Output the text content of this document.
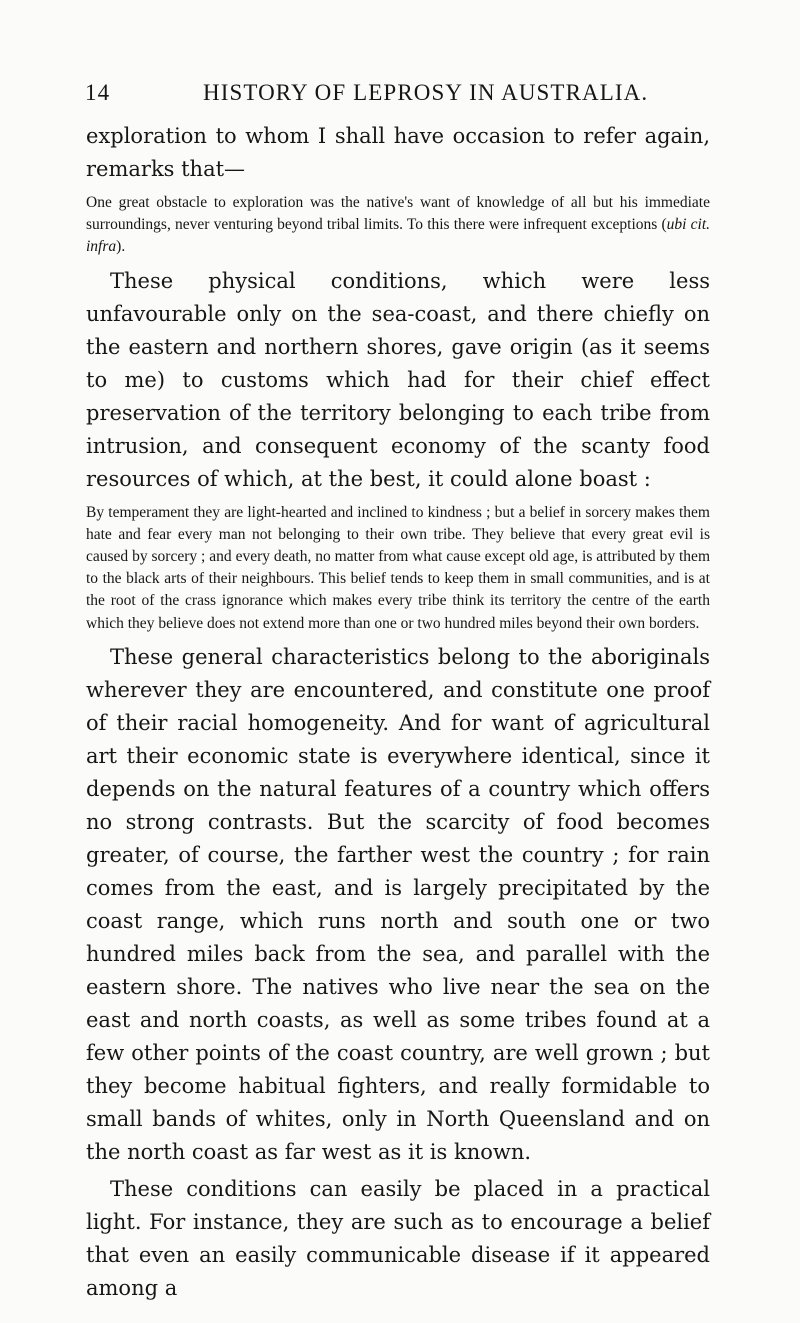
14	HISTORY OF LEPROSY IN AUSTRALIA.

exploration to whom I shall have occasion to refer again, remarks that—

One great obstacle to exploration was the native's want of knowledge of all but his immediate surroundings, never venturing beyond tribal limits. To this there were infrequent exceptions (ubi cit. infra).

These physical conditions, which were less unfavourable only on the sea-coast, and there chiefly on the eastern and northern shores, gave origin (as it seems to me) to customs which had for their chief effect preservation of the territory belonging to each tribe from intrusion, and consequent economy of the scanty food resources of which, at the best, it could alone boast :

By temperament they are light-hearted and inclined to kindness ; but a belief in sorcery makes them hate and fear every man not belonging to their own tribe. They believe that every great evil is caused by sorcery ; and every death, no matter from what cause except old age, is attributed by them to the black arts of their neighbours. This belief tends to keep them in small communities, and is at the root of the crass ignorance which makes every tribe think its territory the centre of the earth which they believe does not extend more than one or two hundred miles beyond their own borders.

These general characteristics belong to the aboriginals wherever they are encountered, and constitute one proof of their racial homogeneity. And for want of agricultural art their economic state is everywhere identical, since it depends on the natural features of a country which offers no strong contrasts. But the scarcity of food becomes greater, of course, the farther west the country ; for rain comes from the east, and is largely precipitated by the coast range, which runs north and south one or two hundred miles back from the sea, and parallel with the eastern shore. The natives who live near the sea on the east and north coasts, as well as some tribes found at a few other points of the coast country, are well grown ; but they become habitual fighters, and really formidable to small bands of whites, only in North Queensland and on the north coast as far west as it is known.

These conditions can easily be placed in a practical light. For instance, they are such as to encourage a belief that even an easily communicable disease if it appeared among a
